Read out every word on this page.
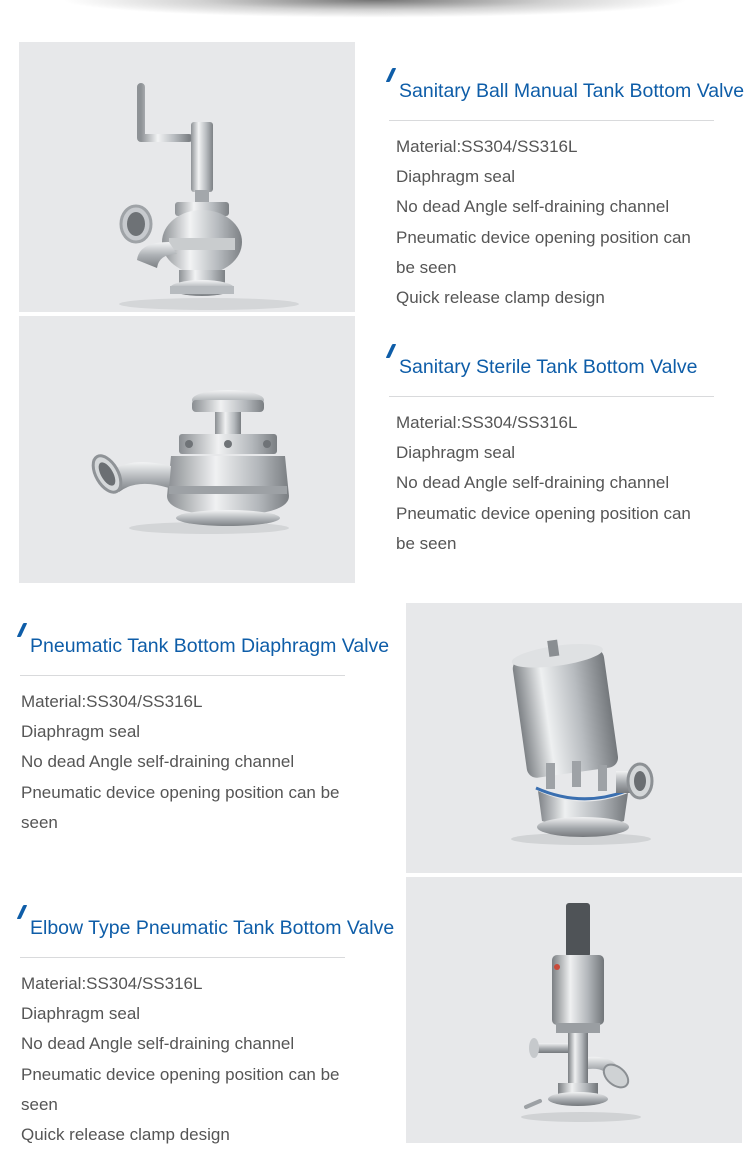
Sanitary Ball Manual Tank Bottom Valve
Material:SS304/SS316L
Diaphragm seal
No dead Angle self-draining channel
Pneumatic device opening position can
be seen
Quick release clamp design
Sanitary Sterile Tank Bottom Valve
Material:SS304/SS316L
Diaphragm seal
No dead Angle self-draining channel
Pneumatic device opening position can
be seen
Pneumatic Tank Bottom Diaphragm Valve
Material:SS304/SS316L
Diaphragm seal
No dead Angle self-draining channel
Pneumatic device opening position can be
seen
Elbow Type Pneumatic Tank Bottom Valve
Material:SS304/SS316L
Diaphragm seal
No dead Angle self-draining channel
Pneumatic device opening position can be
seen
Quick release clamp design
